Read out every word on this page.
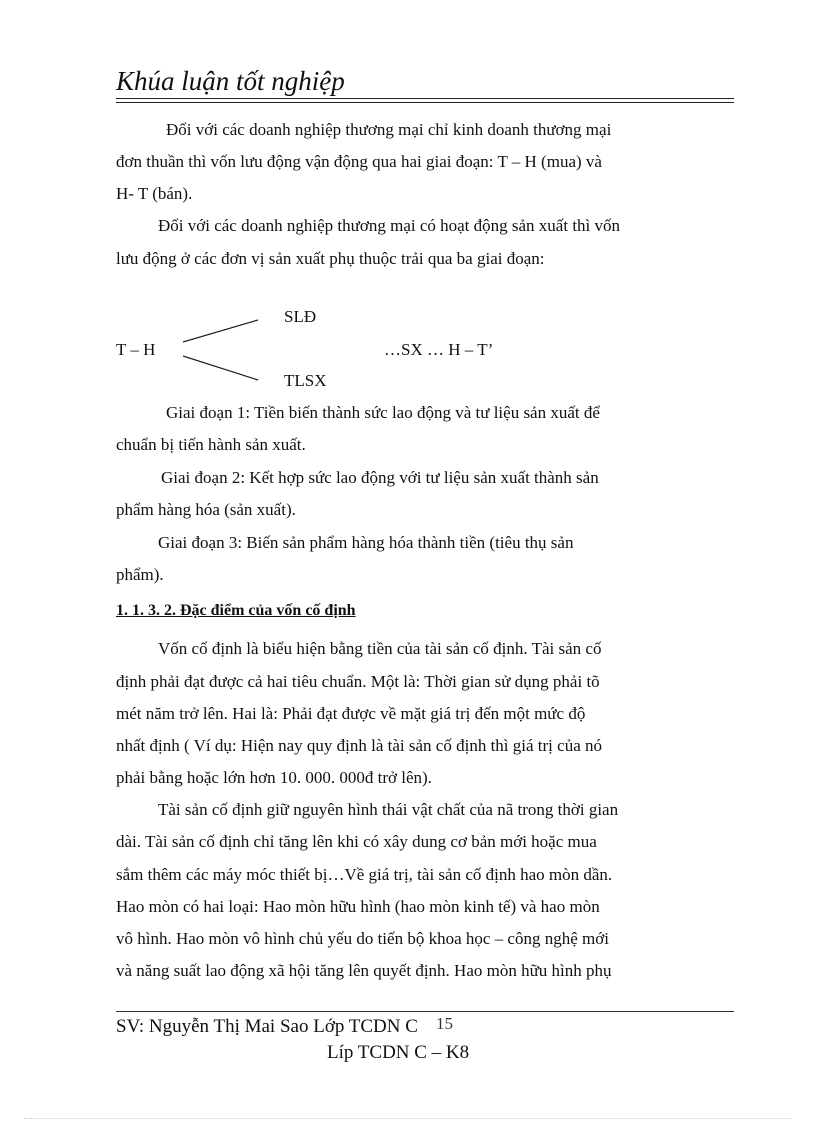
Khúa luận tốt nghiệp
Đối với các doanh nghiệp thương mại chỉ kinh doanh thương mại
đơn thuần thì vốn lưu động vận động qua hai giai đoạn: T – H (mua) và
H- T (bán).
Đối với các doanh nghiệp thương mại có hoạt động sản xuất thì vốn
lưu động ở các đơn vị sản xuất phụ thuộc trải qua ba giai đoạn:
SLĐ
T – H	…SX … H – T’
TLSX
Giai đoạn 1: Tiền biến thành sức lao động và tư liệu sản xuất để
chuẩn bị tiến hành sản xuất.
Giai đoạn 2: Kết hợp sức lao động với tư liệu sản xuất thành sản
phẩm hàng hóa (sản xuất).
Giai đoạn 3: Biến sản phẩm hàng hóa thành tiền (tiêu thụ sản
phẩm).
1. 1. 3. 2. Đặc điểm của vốn cố định
Vốn cố định là biểu hiện bằng tiền của tài sản cố định. Tài sản cố
định phải đạt được cả hai tiêu chuẩn. Một là: Thời gian sử dụng phải tõ
mét năm trở lên. Hai là: Phải đạt được về mặt giá trị đến một mức độ
nhất định ( Ví dụ: Hiện nay quy định là tài sản cố định thì giá trị của nó
phải bằng hoặc lớn hơn 10. 000. 000đ trở lên).
Tài sản cố định giữ nguyên hình thái vật chất của nã trong thời gian
dài. Tài sản cố định chỉ tăng lên khi có xây dung cơ bản mới hoặc mua
sắm thêm các máy móc thiết bị…Về giá trị, tài sản cố định hao mòn dần.
Hao mòn có hai loại: Hao mòn hữu hình (hao mòn kinh tế) và hao mòn
vô hình. Hao mòn vô hình chủ yếu do tiến bộ khoa học – công nghệ mới
và năng suất lao động xã hội tăng lên quyết định. Hao mòn hữu hình phụ
SV: Nguyễn Thị Mai Sao Lớp TCDN C 15
Líp TCDN C – K8
